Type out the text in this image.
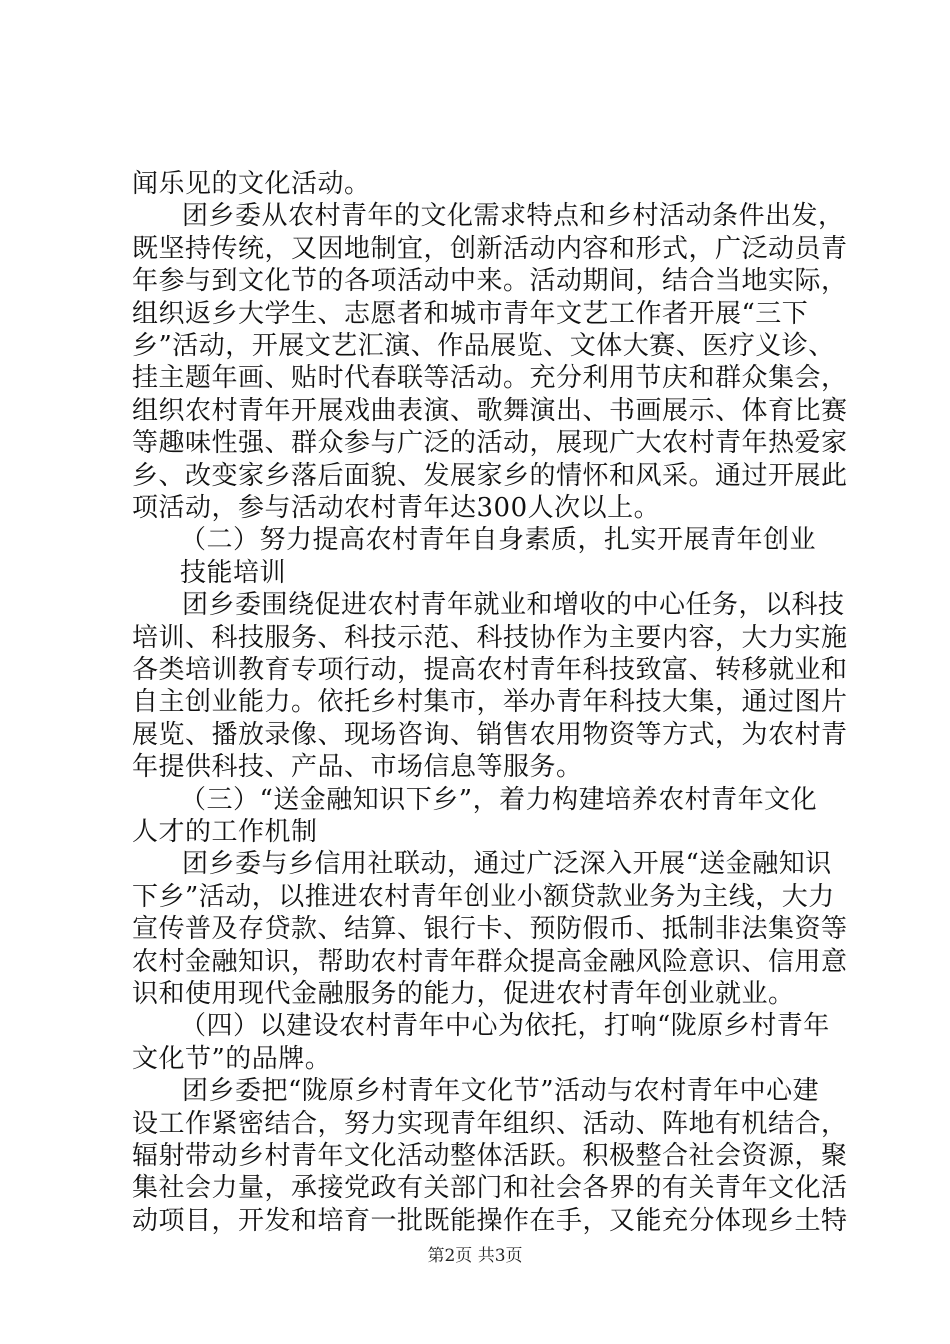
闻乐见的文化活动。
团乡委从农村青年的文化需求特点和乡村活动条件出发，
既坚持传统，又因地制宜，创新活动内容和形式，广泛动员青
年参与到文化节的各项活动中来。活动期间，结合当地实际，
组织返乡大学生、志愿者和城市青年文艺工作者开展“三下
乡”活动，开展文艺汇演、作品展览、文体大赛、医疗义诊、
挂主题年画、贴时代春联等活动。充分利用节庆和群众集会，
组织农村青年开展戏曲表演、歌舞演出、书画展示、体育比赛
等趣味性强、群众参与广泛的活动，展现广大农村青年热爱家
乡、改变家乡落后面貌、发展家乡的情怀和风采。通过开展此
项活动，参与活动农村青年达300人次以上。
（二）努力提高农村青年自身素质，扎实开展青年创业
技能培训
团乡委围绕促进农村青年就业和增收的中心任务，以科技
培训、科技服务、科技示范、科技协作为主要内容，大力实施
各类培训教育专项行动，提高农村青年科技致富、转移就业和
自主创业能力。依托乡村集市，举办青年科技大集，通过图片
展览、播放录像、现场咨询、销售农用物资等方式，为农村青
年提供科技、产品、市场信息等服务。
（三）“送金融知识下乡”，着力构建培养农村青年文化
人才的工作机制
团乡委与乡信用社联动，通过广泛深入开展“送金融知识
下乡”活动，以推进农村青年创业小额贷款业务为主线，大力
宣传普及存贷款、结算、银行卡、预防假币、抵制非法集资等
农村金融知识，帮助农村青年群众提高金融风险意识、信用意
识和使用现代金融服务的能力，促进农村青年创业就业。
（四）以建设农村青年中心为依托，打响“陇原乡村青年
文化节”的品牌。
团乡委把“陇原乡村青年文化节”活动与农村青年中心建
设工作紧密结合，努力实现青年组织、活动、阵地有机结合，
辐射带动乡村青年文化活动整体活跃。积极整合社会资源，聚
集社会力量，承接党政有关部门和社会各界的有关青年文化活
动项目，开发和培育一批既能操作在手，又能充分体现乡土特
第2页 共3页
